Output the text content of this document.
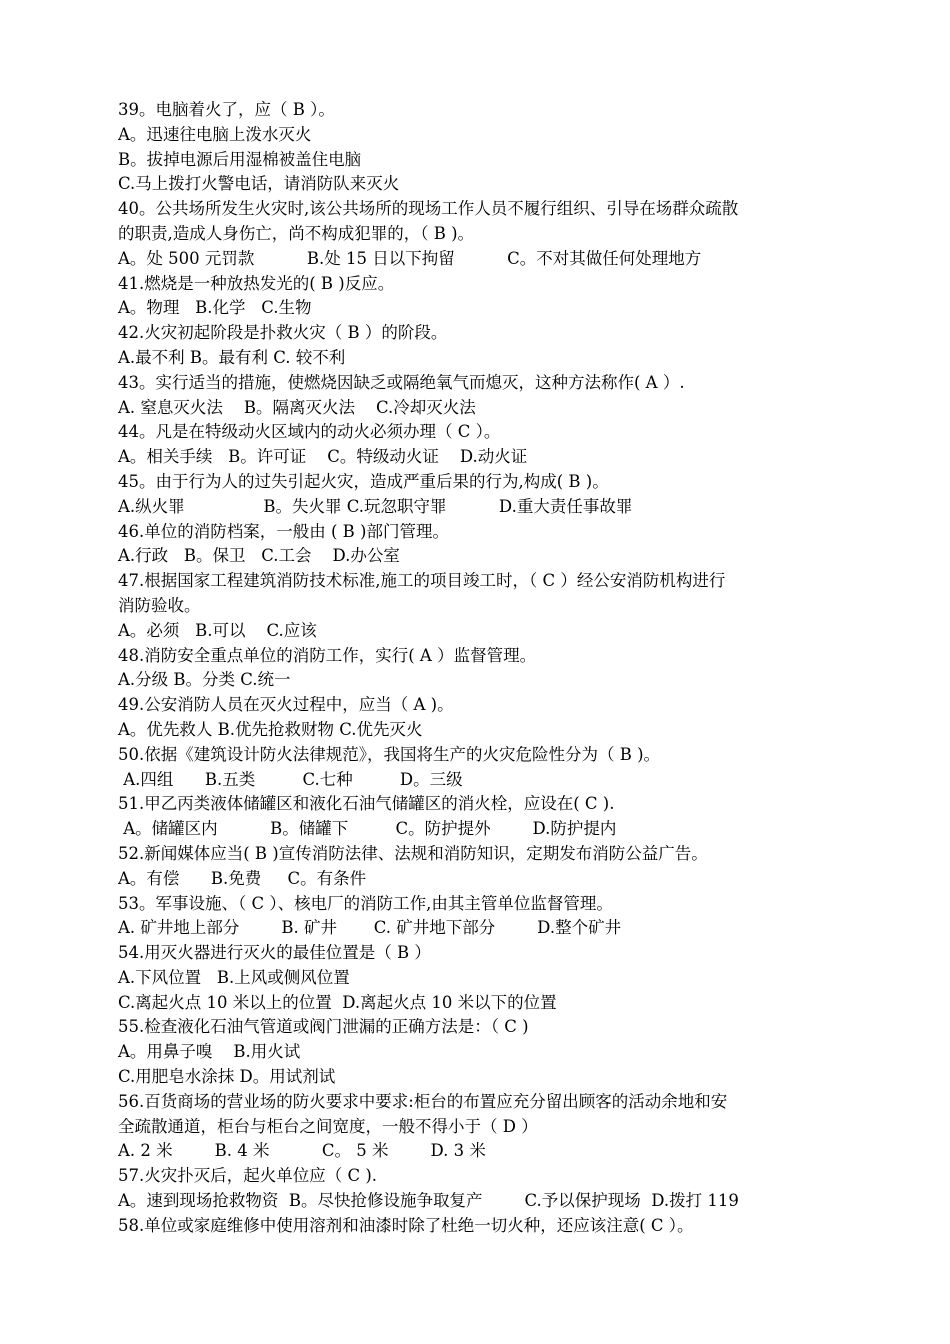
39。电脑着火了，应（ B ）。
A。迅速往电脑上泼水灭火
B。拔掉电源后用湿棉被盖住电脑
C.马上拨打火警电话，请消防队来灭火
40。公共场所发生火灾时,该公共场所的现场工作人员不履行组织、引导在场群众疏散
的职责,造成人身伤亡，尚不构成犯罪的，（ B )。
A。处 500 元罚款          B.处 15 日以下拘留          C。不对其做任何处理地方
41.燃烧是一种放热发光的( B )反应。
A。物理   B.化学   C.生物
42.火灾初起阶段是扑救火灾（ B ）的阶段。
A.最不利 B。最有利 C. 较不利
43。实行适当的措施，使燃烧因缺乏或隔绝氧气而熄灭，这种方法称作( A ）.
A. 窒息灭火法    B。隔离灭火法    C.冷却灭火法
44。凡是在特级动火区域内的动火必须办理（ C ）。
A。相关手续   B。许可证    C。特级动火证    D.动火证
45。由于行为人的过失引起火灾，造成严重后果的行为,构成( B )。
A.纵火罪               B。失火罪 C.玩忽职守罪          D.重大责任事故罪
46.单位的消防档案，一般由 ( B )部门管理。
A.行政   B。保卫   C.工会    D.办公室
47.根据国家工程建筑消防技术标准,施工的项目竣工时，（ C ）经公安消防机构进行
消防验收。
A。必须   B.可以    C.应该
48.消防安全重点单位的消防工作，实行( A ）监督管理。
A.分级 B。分类 C.统一
49.公安消防人员在灭火过程中，应当（ A )。
A。优先救人 B.优先抢救财物 C.优先灭火
50.依据《建筑设计防火法律规范》，我国将生产的火灾危险性分为（ B )。
A.四组      B.五类         C.七种         D。三级
51.甲乙丙类液体储罐区和液化石油气储罐区的消火栓，应设在( C ).
A。储罐区内          B。储罐下         C。防护提外        D.防护提内
52.新闻媒体应当( B )宣传消防法律、法规和消防知识，定期发布消防公益广告。
A。有偿      B.免费     C。有条件
53。军事设施、（ C ）、核电厂的消防工作,由其主管单位监督管理。
A. 矿井地上部分        B. 矿井       C. 矿井地下部分        D.整个矿井
54.用灭火器进行灭火的最佳位置是（ B ）
A.下风位置   B.上风或侧风位置
C.离起火点 10 米以上的位置  D.离起火点 10 米以下的位置
55.检查液化石油气管道或阀门泄漏的正确方法是：（ C )
A。用鼻子嗅    B.用火试
C.用肥皂水涂抹 D。用试剂试
56.百货商场的营业场的防火要求中要求:柜台的布置应充分留出顾客的活动余地和安
全疏散通道，柜台与柜台之间宽度，一般不得小于（ D ）
A. 2 米        B. 4 米          C。 5 米        D. 3 米
57.火灾扑灭后，起火单位应（ C ).
A。速到现场抢救物资  B。尽快抢修设施争取复产        C.予以保护现场  D.拨打 119
58.单位或家庭维修中使用溶剂和油漆时除了杜绝一切火种，还应该注意( C ）。
